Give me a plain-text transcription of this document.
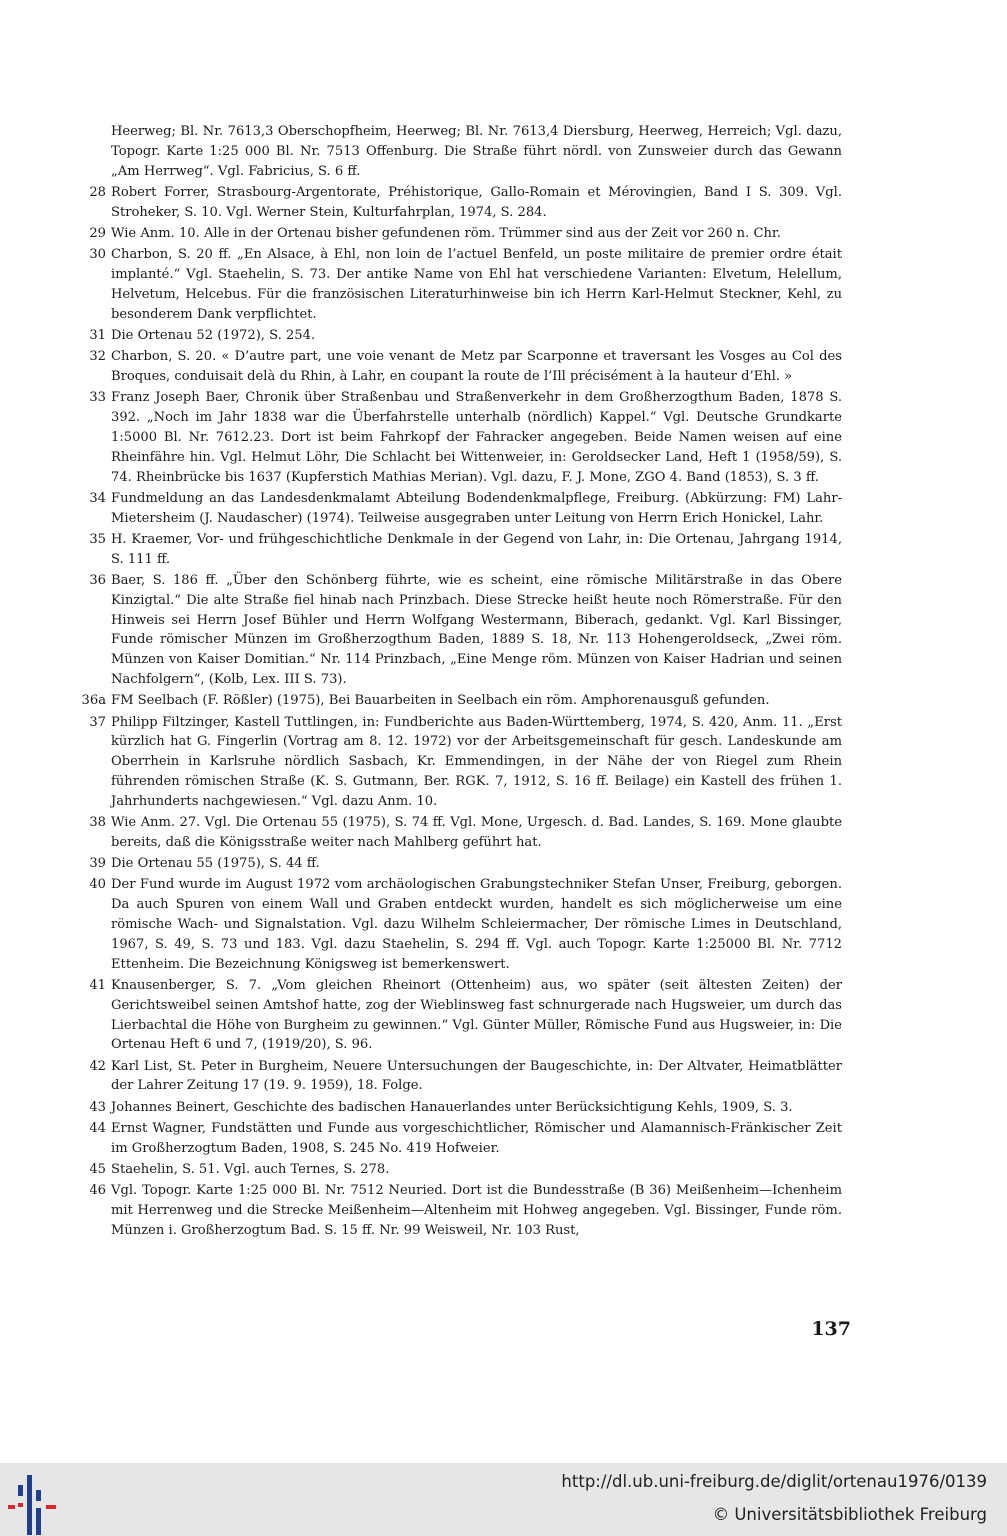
Heerweg; Bl. Nr. 7613,3 Oberschopfheim, Heerweg; Bl. Nr. 7613,4 Diersburg, Heerweg, Herreich; Vgl. dazu, Topogr. Karte 1:25 000 Bl. Nr. 7513 Offenburg. Die Straße führt nördl. von Zunsweier durch das Gewann „Am Herrweg“. Vgl. Fabricius, S. 6 ff.
28 Robert Forrer, Strasbourg-Argentorate, Préhistorique, Gallo-Romain et Mérovingien, Band I S. 309. Vgl. Stroheker, S. 10. Vgl. Werner Stein, Kulturfahrplan, 1974, S. 284.
29 Wie Anm. 10. Alle in der Ortenau bisher gefundenen röm. Trümmer sind aus der Zeit vor 260 n. Chr.
30 Charbon, S. 20 ff. „En Alsace, à Ehl, non loin de l’actuel Benfeld, un poste militaire de premier ordre était implanté.“ Vgl. Staehelin, S. 73. Der antike Name von Ehl hat verschiedene Varianten: Elvetum, Helellum, Helvetum, Helcebus. Für die französischen Literaturhinweise bin ich Herrn Karl-Helmut Steckner, Kehl, zu besonderem Dank verpflichtet.
31 Die Ortenau 52 (1972), S. 254.
32 Charbon, S. 20. « D’autre part, une voie venant de Metz par Scarponne et traversant les Vosges au Col des Broques, conduisait delà du Rhin, à Lahr, en coupant la route de l’Ill précisément à la hauteur d’Ehl. »
33 Franz Joseph Baer, Chronik über Straßenbau und Straßenverkehr in dem Großherzogthum Baden, 1878 S. 392. „Noch im Jahr 1838 war die Überfahrstelle unterhalb (nördlich) Kappel.“ Vgl. Deutsche Grundkarte 1:5000 Bl. Nr. 7612.23. Dort ist beim Fahrkopf der Fahracker angegeben. Beide Namen weisen auf eine Rheinfähre hin. Vgl. Helmut Löhr, Die Schlacht bei Wittenweier, in: Geroldsecker Land, Heft 1 (1958/59), S. 74. Rheinbrücke bis 1637 (Kupferstich Mathias Merian). Vgl. dazu, F. J. Mone, ZGO 4. Band (1853), S. 3 ff.
34 Fundmeldung an das Landesdenkmalamt Abteilung Bodendenkmalpflege, Freiburg. (Abkürzung: FM) Lahr-Mietersheim (J. Naudascher) (1974). Teilweise ausgegraben unter Leitung von Herrn Erich Honickel, Lahr.
35 H. Kraemer, Vor- und frühgeschichtliche Denkmale in der Gegend von Lahr, in: Die Ortenau, Jahrgang 1914, S. 111 ff.
36 Baer, S. 186 ff. „Über den Schönberg führte, wie es scheint, eine römische Militärstraße in das Obere Kinzigtal.“ Die alte Straße fiel hinab nach Prinzbach. Diese Strecke heißt heute noch Römerstraße. Für den Hinweis sei Herrn Josef Bühler und Herrn Wolfgang Westermann, Biberach, gedankt. Vgl. Karl Bissinger, Funde römischer Münzen im Großherzogthum Baden, 1889 S. 18, Nr. 113 Hohengeroldseck, „Zwei röm. Münzen von Kaiser Domitian.“ Nr. 114 Prinzbach, „Eine Menge röm. Münzen von Kaiser Hadrian und seinen Nachfolgern“, (Kolb, Lex. III S. 73).
36a FM Seelbach (F. Rößler) (1975), Bei Bauarbeiten in Seelbach ein röm. Amphorenausguß gefunden.
37 Philipp Filtzinger, Kastell Tuttlingen, in: Fundberichte aus Baden-Württemberg, 1974, S. 420, Anm. 11. „Erst kürzlich hat G. Fingerlin (Vortrag am 8. 12. 1972) vor der Arbeitsgemeinschaft für gesch. Landeskunde am Oberrhein in Karlsruhe nördlich Sasbach, Kr. Emmendingen, in der Nähe der von Riegel zum Rhein führenden römischen Straße (K. S. Gutmann, Ber. RGK. 7, 1912, S. 16 ff. Beilage) ein Kastell des frühen 1. Jahrhunderts nachgewiesen.“ Vgl. dazu Anm. 10.
38 Wie Anm. 27. Vgl. Die Ortenau 55 (1975), S. 74 ff. Vgl. Mone, Urgesch. d. Bad. Landes, S. 169. Mone glaubte bereits, daß die Königsstraße weiter nach Mahlberg geführt hat.
39 Die Ortenau 55 (1975), S. 44 ff.
40 Der Fund wurde im August 1972 vom archäologischen Grabungstechniker Stefan Unser, Freiburg, geborgen. Da auch Spuren von einem Wall und Graben entdeckt wurden, handelt es sich möglicherweise um eine römische Wach- und Signalstation. Vgl. dazu Wilhelm Schleiermacher, Der römische Limes in Deutschland, 1967, S. 49, S. 73 und 183. Vgl. dazu Staehelin, S. 294 ff. Vgl. auch Topogr. Karte 1:25000 Bl. Nr. 7712 Ettenheim. Die Bezeichnung Königsweg ist bemerkenswert.
41 Knausenberger, S. 7. „Vom gleichen Rheinort (Ottenheim) aus, wo später (seit ältesten Zeiten) der Gerichtsweibel seinen Amtshof hatte, zog der Wieblinsweg fast schnurgerade nach Hugsweier, um durch das Lierbachtal die Höhe von Burgheim zu gewinnen.“ Vgl. Günter Müller, Römische Fund aus Hugsweier, in: Die Ortenau Heft 6 und 7, (1919/20), S. 96.
42 Karl List, St. Peter in Burgheim, Neuere Untersuchungen der Baugeschichte, in: Der Altvater, Heimatblätter der Lahrer Zeitung 17 (19. 9. 1959), 18. Folge.
43 Johannes Beinert, Geschichte des badischen Hanauerlandes unter Berücksichtigung Kehls, 1909, S. 3.
44 Ernst Wagner, Fundstätten und Funde aus vorgeschichtlicher, Römischer und Alamannisch-Fränkischer Zeit im Großherzogtum Baden, 1908, S. 245 No. 419 Hofweier.
45 Staehelin, S. 51. Vgl. auch Ternes, S. 278.
46 Vgl. Topogr. Karte 1:25 000 Bl. Nr. 7512 Neuried. Dort ist die Bundesstraße (B 36) Meißenheim—Ichenheim mit Herrenweg und die Strecke Meißenheim—Altenheim mit Hohweg angegeben. Vgl. Bissinger, Funde röm. Münzen i. Großherzogtum Bad. S. 15 ff. Nr. 99 Weisweil, Nr. 103 Rust,
137
http://dl.ub.uni-freiburg.de/diglit/ortenau1976/0139
© Universitätsbibliothek Freiburg
